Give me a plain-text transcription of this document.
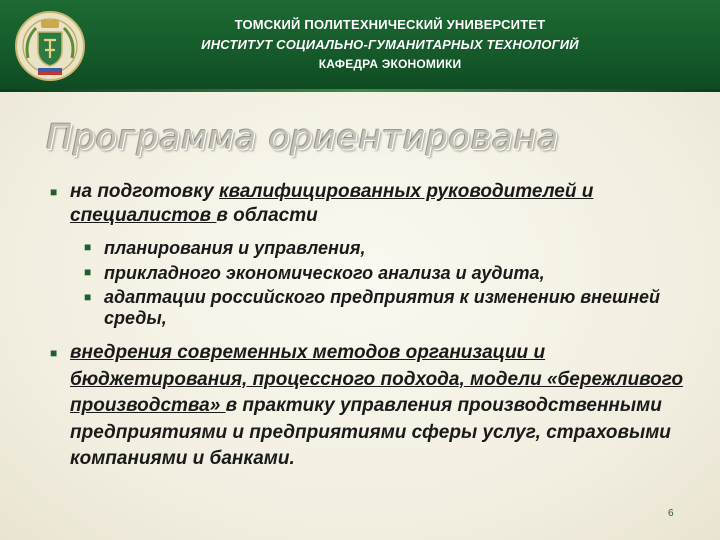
ТОМСКИЙ ПОЛИТЕХНИЧЕСКИЙ УНИВЕРСИТЕТ
ИНСТИТУТ СОЦИАЛЬНО-ГУМАНИТАРНЫХ ТЕХНОЛОГИЙ
КАФЕДРА ЭКОНОМИКИ
Программа ориентирована
■ на подготовку квалифицированных руководителей и специалистов в области
■ планирования и управления,
■ прикладного экономического анализа и аудита,
■ адаптации российского предприятия к изменению внешней среды,
■ внедрения современных методов организации и бюджетирования, процессного подхода, модели «бережливого производства» в практику управления производственными предприятиями и предприятиями сферы услуг, страховыми компаниями и банками.
6
